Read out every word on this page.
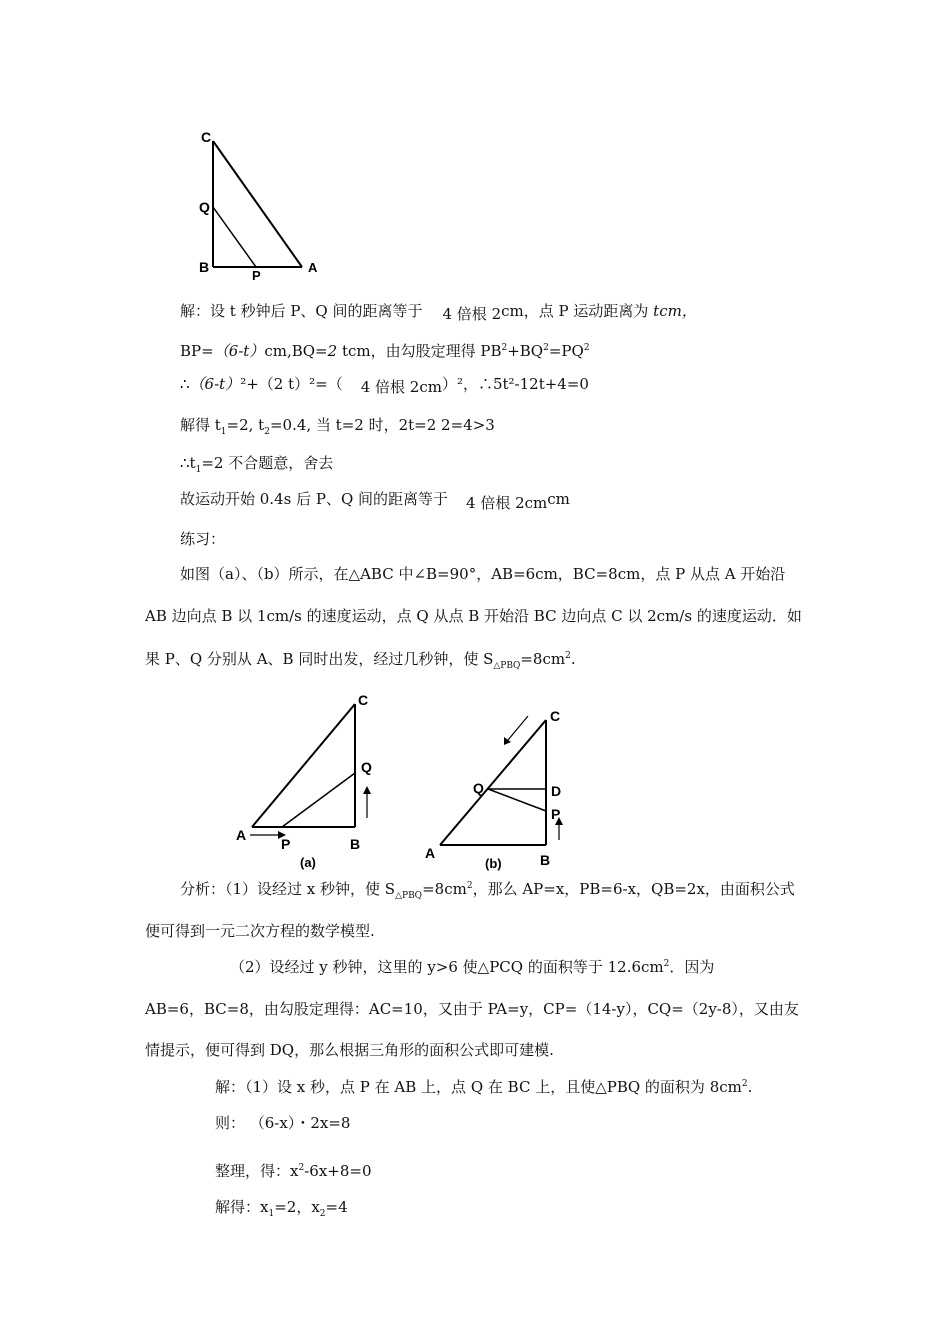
C
Q
B
P
A
解：设 t 秒钟后 P、Q 间的距离等于 4 倍根 2cm，点 P 运动距离为 tcm，
BP=（6-t）cm,BQ=2 tcm，由勾股定理得 $PB^2+BQ^2=PQ^2$
∴（6-t）²+（2 t）²=（ 4 倍根 2cm）²，∴5t²-12t+4=0
解得 $t_1=2$, $t_2=0.4$, 当 t=2 时，2t=2 2=4>3
$\therefore t_1=2$ 不合题意，舍去
故运动开始 0.4s 后 P、Q 间的距离等于 4 倍根 2cmcm
练习：
如图（a）、（b）所示，在△ABC 中∠B=90°，AB=6cm，BC=8cm，点 P 从点 A 开始沿
AB 边向点 B 以 1cm/s 的速度运动，点 Q 从点 B 开始沿 BC 边向点 C 以 2cm/s 的速度运动．如
果 P、Q 分别从 A、B 同时出发，经过几秒钟，使 $S_{\triangle PBQ}=8cm^2$.
C
Q
A
P	B
(a)
C
Q	D
P
A	B
(b)
分析：（1）设经过 x 秒钟，使 $S_{\triangle PBQ}=8cm^2$，那么 AP=x，PB=6-x，QB=2x，由面积公式
便可得到一元二次方程的数学模型.
（2）设经过 y 秒钟，这里的 y>6 使△PCQ 的面积等于 $12.6cm^2$．因为
AB=6，BC=8，由勾股定理得：AC=10，又由于 PA=y，CP=（14-y），CQ=（2y-8），又由友
情提示，便可得到 DQ，那么根据三角形的面积公式即可建模.
解：（1）设 x 秒，点 P 在 AB 上，点 Q 在 BC 上，且使△PBQ 的面积为 $8cm^2$.
则： （6-x）・2x=8
整理，得：$x^2-6x+8=0$
解得：$x_1=2$，$x_2=4$
